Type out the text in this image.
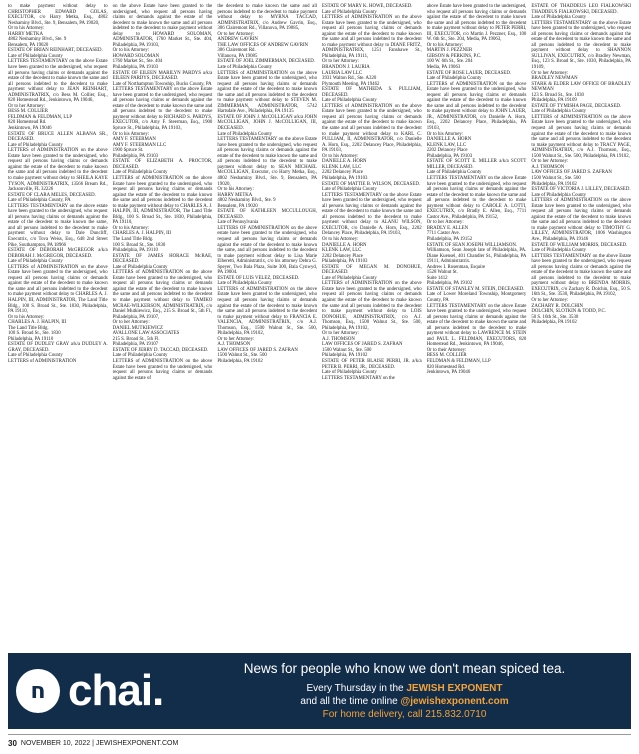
to make payment without delay to CHRISTOPHER EDWARD GOLAS, EXECUTOR, c/o Harry Metka, Esq., 4802 Neshaminy Blvd., Ste. 9, Bensalem, PA 19020,
Or to his Attorney:
HARRY METKA
4802 Neshaminy Blvd., Ste. 9
Bensalem, PA 19020

ESTATE OF BRIAN REINHART, DECEASED.
Late of Philadelphia County
LETTERS TESTAMENTARY on the above Estate have been granted to the undersigned, who request all persons having claims or demands against the estate of the decedent to make known the same and all persons indebted to the decedent to make payment without delay to JEAN REINHART, ADMINISTRATRIX, c/o Bess M. Collier, Esq., 820 Homestead Rd., Jenkintown, PA 19046,
Or to her Attorney:
BESS M. COLLIER
FELDMAN & FELDMAN, LLP
820 Homestead Rd.
Jenkintown, PA 19046

ESTATE OF BRUCE ALLEN ALBANA SR., DECEASED.
Late of Philadelphia County
LETTERS of ADMINISTRATION on the above Estate have been granted to the undersigned, who request all persons having claims or demands against the estate of the decedent to make known the same and all persons indebted to the decedent to make payment without delay to SHEILA KAYE TYSON, ADMINISTRATRIX, 13566 Bream Rd., Jacksonville, FL 32226

ESTATE OF CLARA MELES, DECEASED.
Late of Philadelphia County, PA
LETTERS TESTAMENTARY on the above estate have been granted to the undersigned, who request all persons having claims or demands against the estate of the decedent to make known the same, and all persons indebted to the decedent to make payment without delay to Dale Duncliff, Executrix, c/o Tova Weiss, Esq., 648 2nd Street Pike, Southampton, PA 18966

ESTATE OF DEBORAH McGREGOR a/k/a DEBORAH J. McGREGOR, DECEASED.
Late of Philadelphia County
LETTERS of ADMINISTRATION on the above Estate have been granted to the undersigned, who request all persons having claims or demands against the estate of the decedent to make known the same and all persons indebted to the decedent to make payment without delay to CHARLES A. J. HALPIN, III, ADMINISTRATOR, The Land Title Bldg., 100 S. Broad St., Ste. 1830, Philadelphia, PA 19110,
Or to his Attorney:
CHARLES A. J. HALPIN, III
The Land Title Bldg.
100 S. Broad St., Ste. 1830
Philadelphia, PA 19110

ESTATE OF DUDLEY GRAY a/k/a DUDLEY A. GRAY, DECEASED.
Late of Philadelphia County
LETTERS of ADMINISTRATION

on the above Estate have been granted to the undersigned, who request all persons having claims or demands against the estate of the decedent to make known the same and all persons indebted to the decedent to make payment without delay to HOWARD SOLOMAN, ADMINISTRATOR, 1760 Market St., Ste. 404, Philadelphia, PA 19103,
Or to his Attorney:
HOWARD SOLOMAN
1760 Market St., Ste. 404
Philadelphia, PA 19103

ESTATE OF EILEEN MARILYN PARDYS a/k/a EILEEN PARDYS, DECEASED.
Late of Northampton Township, Bucks County, PA
LETTERS TESTAMENTARY on the above Estate have been granted to the undersigned, who request all persons having claims or demands against the estate of the decedent to make known the same and all persons indebted to the decedent to make payment without delay to RICHARD S. PARDYS, EXECUTOR, c/o Amy F. Steerman, Esq., 1900 Spruce St., Philadelphia, PA 19103,
Or to his Attorney:
AMY F. STEERMAN
AMY F. STEERMAN LLC
1900 Spruce St.
Philadelphia, PA 19103

ESTATE OF ELIZABETH A. PROCTOR, DECEASED.
Late of Philadelphia County
LETTERS of ADMINISTRATION on the above Estate have been granted to the undersigned, who request all persons having claims or demands against the estate of the decedent to make known the same and all persons indebted to the decedent to make payment without delay to CHARLES A. J. HALPIN, III, ADMINISTRATOR, The Land Title Bldg., 100 S. Broad St., Ste. 1830, Philadelphia, PA 19110,
Or to his Attorney:
CHARLES A. J. HALPIN, III
The Land Title Bldg.
100 S. Broad St., Ste. 1830
Philadelphia, PA 19110

ESTATE OF JAMES HORACE McRAE, DECEASED.
Late of Philadelphia County
LETTERS of ADMINISTRATION on the above Estate have been granted to the undersigned, who request all persons having claims or demands against the estate of the decedent to make known the same and all persons indebted to the decedent to make payment without delay to TAMIKO MCRAE-WILKERSON, ADMINISTRATRIX, c/o Daniel Mutkiewicz, Esq., 215 S. Broad St., 5th Fl., Philadelphia, PA 19107,
Or to her Attorney:
DANIEL MUTKIEWICZ
AVALLONE LAW ASSOCIATES
215 S. Broad St., 5th Fl.
Philadelphia, PA 19107

ESTATE OF JERRY D. TACCAD, DECEASED.
Late of Philadelphia County
LETTERS of ADMINISTRATION on the above Estate have been granted to the undersigned, who request all persons having claims or demands against the estate of

the decedent to make known the same and all persons indebted to the decedent to make payment without delay to MYRNA TACCAD, ADMINISTRATRIX, c/o Andrew Gavrin, Esq., 306 Clairemont Rd., Villanova, PA 19085,
Or to her Attorney:
ANDREW GAVRIN
THE LAW OFFICES OF ANDREW GAVRIN
306 Clairemont Rd.
Villanova, PA 19085

ESTATE OF JOEL ZIMMERMAN, DECEASED.
Late of Philadelphia County
LETTERS of ADMINISTRATION on the above Estate have been granted to the undersigned, who request all persons having claims or demands against the estate of the decedent to make known the same and all persons indebted to the decedent to make payment without delay to STEVEN M. ZIMMERMAN, ADMINISTRATOR, 5742 Hartsdale Ave., Philadelphia, PA 19135

ESTATE OF JOHN J. McCOLLIGAN a/k/a JOHN McCOLLIGAN, JOHN J. McCOLLIGAN, III, DECEASED.
Late of Philadelphia County
LETTERS TESTAMENTARY on the above Estate have been granted to the undersigned, who request all persons having claims or demands against the estate of the decedent to make known the same and all persons indebted to the decedent to make payment without delay to SEAN MICHAEL McCOLLIGAN, Executor, c/o Harry Metka, Esq., 4802 Neshaminy Blvd., Ste. 9, Bensalem, PA 19020,
Or to his Attorney:
HARRY METKA
4802 Neshaminy Blvd., Ste. 9
Bensalem, PA 19020

ESTATE OF KATHLEEN MCCULLOUGH, DECEASED.
Late of Pennsylvania
LETTERS OF ADMINISTRATION on the above estate have been granted to the undersigned, who request all persons having claims or demands against the estate of the decedent to make known the same, and all persons indebted to the decedent to make payment without delay to Lisa Marie Elberetti, Administratrix, c/o his attorney Debra G. Speyer, Two Bala Plaza, Suite 300, Bala Cynwyd, PA 19004.

ESTATE OF LUIS VELEZ, DECEASED.
Late of Philadelphia County
LETTERS of ADMINISTRATION on the above Estate have been granted to the undersigned, who request all persons having claims or demands against the estate of the decedent to make known the same and all persons indebted to the decedent to make payment without delay to FRANCIA E. VALENCIA, ADMINISTRATRIX, c/o A.J. Thomson, Esq., 1500 Walnut St., Ste. 500, Philadelphia, PA 19102,
Or to her Attorney:
A.J. THOMSON
LAW OFFICES OF JARED S. ZAFRAN
1500 Walnut St., Ste. 500
Philadelphia, PA 19102

ESTATE OF MARY K. HOWE, DECEASED.
Late of Philadelphia County
LETTERS of ADMINISTRATION on the above Estate have been granted to the undersigned, who request all persons having claims or demands against the estate of the decedent to make known the same and all persons indebted to the decedent to make payment without delay to DIANE FRITZ, ADMINISTRATRIX, 1251 Fanshawe St., Philadelphia, PA 19111,
Or to her Attorney:
BRANDON J. LAURIA
LAURIA LAW LLC
3931 Walton Rd., Ste. A320
Plymouth Meeting, PA 19462

ESTATE OF MATHEDA S. PULLIAM, DECEASED.
Late of Philadelphia County
LETTERS of ADMINISTRATION on the above Estate have been granted to the undersigned, who request all persons having claims or demands against the estate of the decedent to make known the same and all persons indebted to the decedent to make payment without delay to KARL C. PULLIAM, II, ADMINISTRATOR, c/o Danielle A. Horn, Esq., 2202 Delancey Place, Philadelphia, PA 19103,
Or to his Attorney:
DANIELLE A. HORN
KLENK LAW, LLC
2202 Delancey Place
Philadelphia, PA 19103

ESTATE OF MATTIE B. WILSON, DECEASED.
Late of Philadelphia County
LETTERS TESTAMENTARY on the above Estate have been granted to the undersigned, who request all persons having claims or demands against the estate of the decedent to make known the same and all persons indebted to the decedent to make payment without delay to ALANU WILSON, EXECUTOR, c/o Danielle A. Horn, Esq., 2202 Delancey Place, Philadelphia, PA 19103,
Or to his Attorney:
DANIELLE A. HORN
KLENK LAW, LLC
2202 Delancey Place
Philadelphia, PA 19103

ESTATE OF MEGAN M. DONOHUE, DECEASED.
Late of Philadelphia County
LETTERS of ADMINISTRATION on the above Estate have been granted to the undersigned, who request all persons having claims or demands against the estate of the decedent to make known the same and all persons indebted to the decedent to make payment without delay to LOIS DONOHUE, ADMINISTRATRIX, c/o A.J. Thomson, Esq., 1500 Walnut St., Ste. 500, Philadelphia, PA 19102,
Or to her Attorney:
A.J. THOMSON
LAW OFFICES OF JARED S. ZAFRAN
1500 Walnut St., Ste. 500
Philadelphia, PA 19102

ESTATE OF PETER BLAISE PERRI, JR. a/k/a PETER B. PERRI, JR., DECEASED.
Late of Philadelphia County
LETTERS TESTAMENTARY on the

above Estate have been granted to the undersigned, who request all persons having claims or demands against the estate of the decedent to make known the same and all persons indebted to the decedent to make payment without delay to PETER PERRI, III, EXECUTOR, c/o Martin J. Pezzner, Esq., 100 W. 6th St., Ste. 204, Media, PA 19063,
Or to his Attorney:
MARTIN J. PEZZNER
GIBSON & PERKINS, P.C.
100 W. 6th St., Ste. 204
Media, PA 19063

ESTATE OF ROSE LAUER, DECEASED.
Late of Philadelphia County
LETTERS of ADMINISTRATION on the above Estate have been granted to the undersigned, who request all persons having claims or demands against the estate of the decedent to make known the same and all persons indebted to the decedent to make payment without delay to JOHN LAUER, JR., ADMINISTRATOR, c/o Danielle A. Horn, Esq., 2202 Delancey Place, Philadelphia, PA 19103,
Or to his Attorney:
DANIELLE A. HORN
KLENK LAW, LLC
2202 Delancey Place
Philadelphia, PA 19103

ESTATE OF SCOTT E. MILLER a/k/a SCOTT MILLER, DECEASED.
Late of Philadelphia County
LETTERS TESTAMENTARY on the above Estate have been granted to the undersigned, who request all persons having claims or demands against the estate of the decedent to make known the same and all persons indebted to the decedent to make payment without delay to CAROLE A. LOTTI, EXECUTRIX, c/o Bradly E. Allen, Esq., 7711 Castor Ave., Philadelphia, PA 19152,
Or to her Attorney:
BRADLY E. ALLEN
7711 Castor Ave.
Philadelphia, PA 19152

ESTATE OF SEAN JOSEPH WILLIAMSON.
Williamson, Sean Joseph late of Philadelphia, PA. Diane Kuensel, 401 Chandler St., Philadelphia, PA 19111, Administratrix.
Andrew I. Rosenman, Esquire
1528 Walnut St.
Suite 1412
Philadelphia, PA 19102

ESTATE OF STANLEY M. STEIN, DECEASED.
Late of Lower Moreland Township, Montgomery County, PA
LETTERS TESTAMENTARY on the above Estate have been granted to the undersigned, who request all persons having claims or demands against the estate of the decedent to make known the same and all persons indebted to the decedent to make payment without delay to LAWRENCE M. STEIN and PAUL L. FELDMAN, EXECUTORS, 820 Homestead Rd., Jenkintown, PA 19046,
Or to their Attorney:
BESS M. COLLIER
FELDMAN & FELDMAN, LLP
820 Homestead Rd.
Jenkintown, PA 19046

ESTATE OF THADDEUS LEO FIALKOWSKI THADDEUS FIALKOWSKI, DECEASED.
Late of Philadelphia County
LETTERS TESTAMENTARY on the above Estate have been granted to the undersigned, who request all persons having claims or demands against the estate of the decedent to make known the same and all persons indebted to the decedent to make payment without delay to SHANNON SULLIVAN, EXECUTRIX, c/o Bradley Newman, Esq., 123 S. Broad St., Ste. 1030, Philadelphia, PA 19109,
Or to her Attorney:
BRADLEY NEWMAN
STARK & ELDER LAW OFFICE OF BRADLEY NEWMAN
123 S. Broad St., Ste. 1030
Philadelphia, PA 19109

ESTATE OF TYMISHA PAGE, DECEASED.
Late of Philadelphia County
LETTERS of ADMINISTRATION on the above Estate have been granted to the undersigned, who request all persons having claims or demands against the estate of the decedent to make known the same and all persons indebted to the decedent to make payment without delay to TRACY PAGE, ADMINISTRATRIX, c/o A.J. Thomson, Esq., 1500 Walnut St., Ste. 500, Philadelphia, PA 19102,
Or to her Attorney:
A.J. THOMSON
LAW OFFICES OF JARED S. ZAFRAN
1500 Walnut St., Ste. 500
Philadelphia, PA 19102

ESTATE OF VICTORIA J. LILLEY, DECEASED.
Late of Philadelphia County
LETTERS of ADMINISTRATION on the above Estate have been granted to the undersigned, who request all persons having claims or demands against the estate of the decedent to make known the same and all persons indebted to the decedent to make payment without delay to TIMOTHY G. LILLEY, ADMINISTRATOR, 1006 Washington Ave., Philadelphia, PA 19146

ESTATE OF WILLIAM MORRIS, DECEASED.
Late of Philadelphia County
LETTERS TESTAMENTARY on the above Estate have been granted to the undersigned, who request all persons having claims or demands against the estate of the decedent to make known the same and all persons indebted to the decedent to make payment without delay to BRENDA MORRIS, EXECUTRIX, c/o Zachary R. Dolchin, Esq., 50 S. 16th St., Ste. 3530, Philadelphia, PA 19102,
Or to her Attorney:
ZACHARY R. DOLCHIN
DOLCHIN, SLOTKIN & TODD, P.C.
50 S. 16th St., Ste. 3530
Philadelphia, PA 19102

ח chai.	News for people who know we don't mean spiced tea.
Every Thursday in the JEWISH EXPONENT
and all the time online @jewishexponent.com
For home delivery, call 215.832.0710
30 NOVEMBER 10, 2022 | JEWISHEXPONENT.COM
